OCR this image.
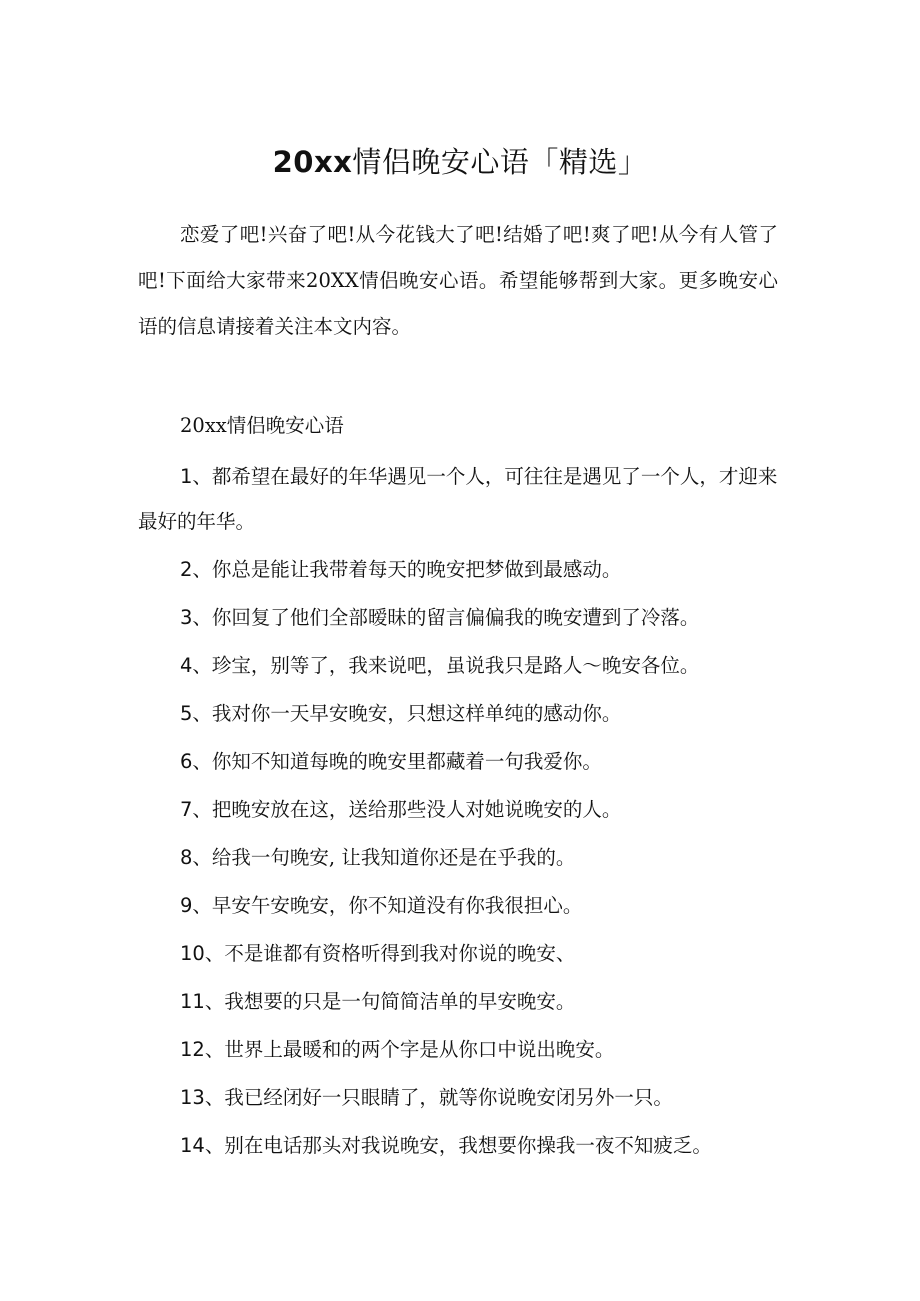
20xx情侣晚安心语「精选」

恋爱了吧!兴奋了吧!从今花钱大了吧!结婚了吧!爽了吧!从今有人管了吧!下面给大家带来20XX情侣晚安心语。希望能够帮到大家。更多晚安心语的信息请接着关注本文内容。

20xx情侣晚安心语

1、都希望在最好的年华遇见一个人，可往往是遇见了一个人，才迎来最好的年华。
2、你总是能让我带着每天的晚安把梦做到最感动。
3、你回复了他们全部暧昧的留言偏偏我的晚安遭到了冷落。
4、珍宝，别等了，我来说吧，虽说我只是路人～晚安各位。
5、我对你一天早安晚安，只想这样单纯的感动你。
6、你知不知道每晚的晚安里都藏着一句我爱你。
7、把晚安放在这，送给那些没人对她说晚安的人。
8、给我一句晚安, 让我知道你还是在乎我的。
9、早安午安晚安，你不知道没有你我很担心。
10、不是谁都有资格听得到我对你说的晚安、
11、我想要的只是一句简简洁单的早安晚安。
12、世界上最暖和的两个字是从你口中说出晚安。
13、我已经闭好一只眼睛了，就等你说晚安闭另外一只。
14、别在电话那头对我说晚安，我想要你操我一夜不知疲乏。
